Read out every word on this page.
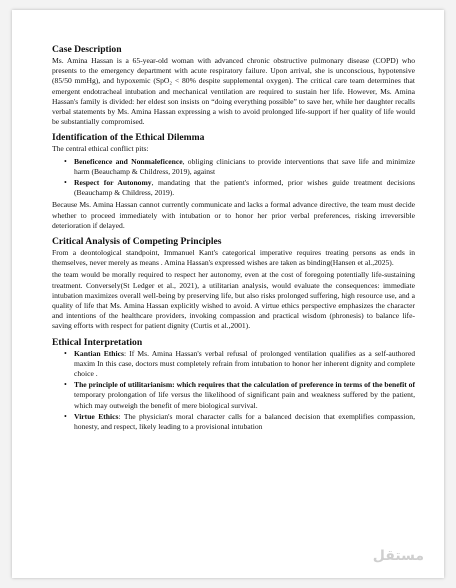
Case Description

Ms. Amina Hassan is a 65-year-old woman with advanced chronic obstructive pulmonary disease (COPD) who presents to the emergency department with acute respiratory failure. Upon arrival, she is unconscious, hypotensive (85/50 mmHg), and hypoxemic (SpO₂ < 80% despite supplemental oxygen). The critical care team determines that emergent endotracheal intubation and mechanical ventilation are required to sustain her life. However, Ms. Amina Hassan's family is divided: her eldest son insists on “doing everything possible” to save her, while her daughter recalls verbal statements by Ms. Amina Hassan expressing a wish to avoid prolonged life-support if her quality of life would be substantially compromised.

Identification of the Ethical Dilemma

The central ethical conflict pits:

• Beneficence and Nonmaleficence, obliging clinicians to provide interventions that save life and minimize harm (Beauchamp & Childress, 2019), against
• Respect for Autonomy, mandating that the patient's informed, prior wishes guide treatment decisions (Beauchamp & Childress, 2019).

Because Ms. Amina Hassan cannot currently communicate and lacks a formal advance directive, the team must decide whether to proceed immediately with intubation or to honor her prior verbal preferences, risking irreversible deterioration if delayed.

Critical Analysis of Competing Principles

From a deontological standpoint, Immanuel Kant's categorical imperative requires treating persons as ends in themselves, never merely as means . Amina Hassan's expressed wishes are taken as binding(Hansen et al.,2025).

the team would be morally required to respect her autonomy, even at the cost of foregoing potentially life-sustaining treatment. Conversely(St Ledger et al., 2021), a utilitarian analysis, would evaluate the consequences: immediate intubation maximizes overall well-being by preserving life, but also risks prolonged suffering, high resource use, and a quality of life that Ms. Amina Hassan explicitly wished to avoid. A virtue ethics perspective emphasizes the character and intentions of the healthcare providers, invoking compassion and practical wisdom (phronesis) to balance life-saving efforts with respect for patient dignity (Curtis et al.,2001).

Ethical Interpretation
• Kantian Ethics: If Ms. Amina Hassan's verbal refusal of prolonged ventilation qualifies as a self-authored maxim In this case, doctors must completely refrain from intubation to honor her inherent dignity and complete choice .
• The principle of utilitarianism: which requires that the calculation of preference in terms of the benefit of temporary prolongation of life versus the likelihood of significant pain and weakness suffered by the patient, which may outweigh the benefit of mere biological survival.
• Virtue Ethics: The physician's moral character calls for a balanced decision that exemplifies compassion, honesty, and respect, likely leading to a provisional intubation
مستقل
